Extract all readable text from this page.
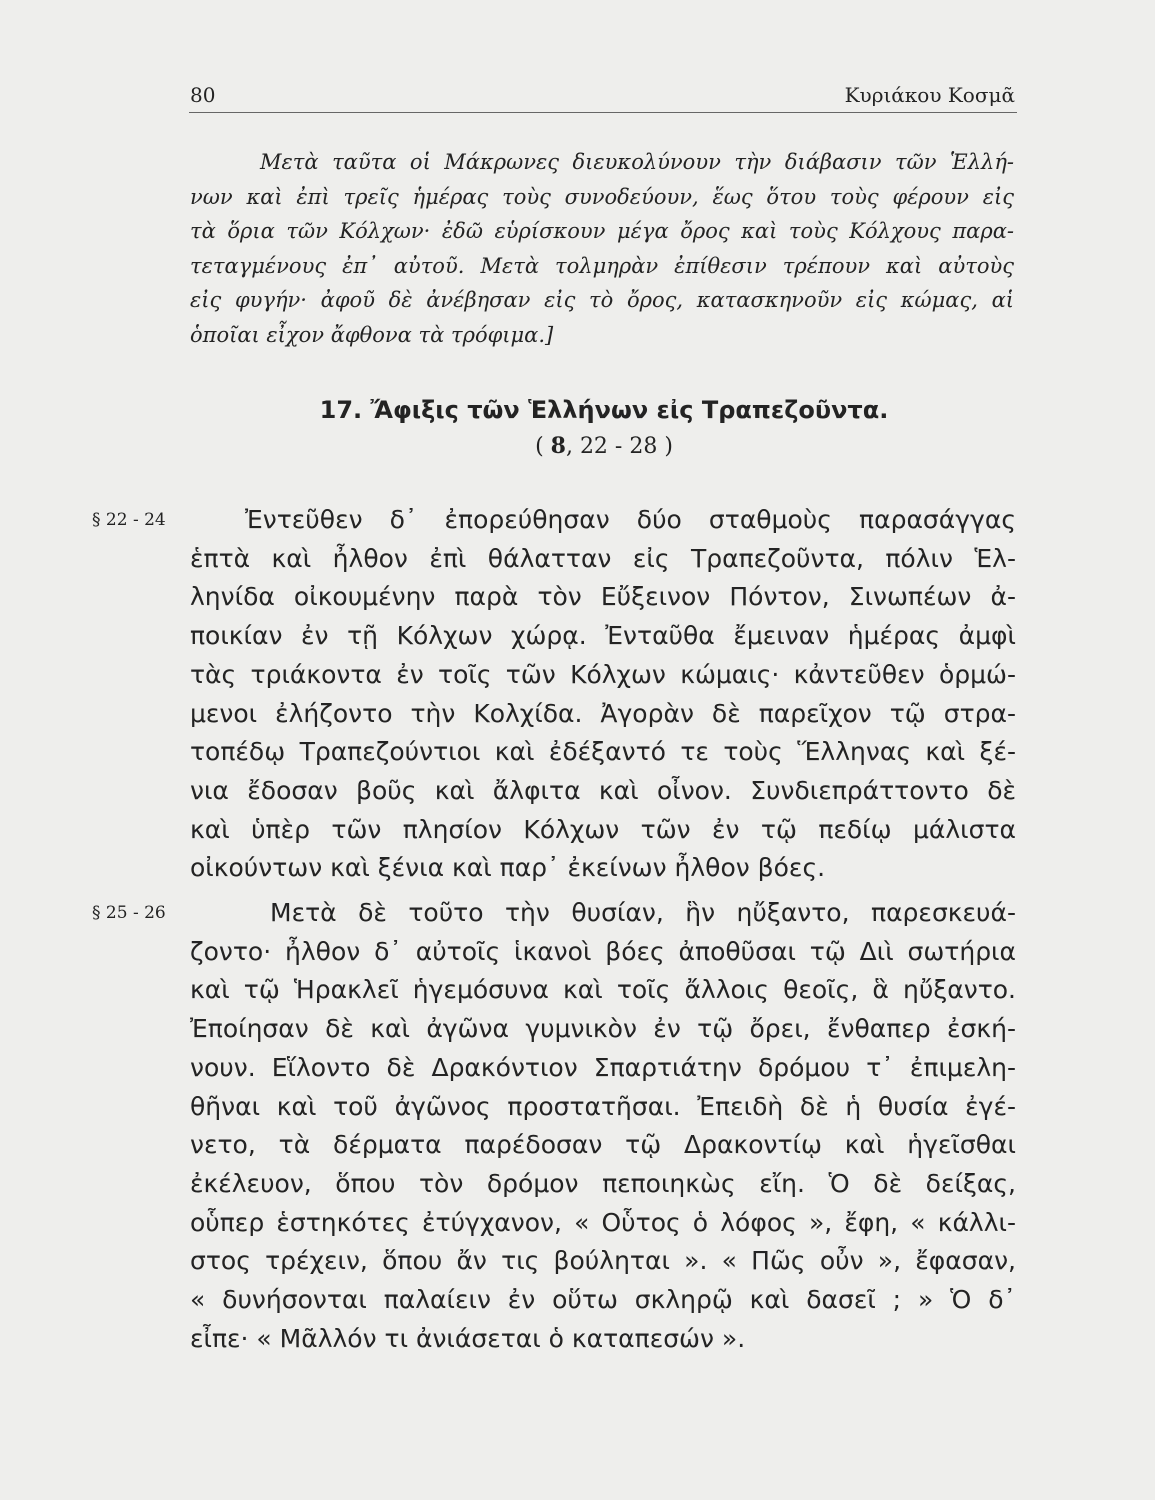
80	Κυριάκου Κοσμᾶ
Μετὰ ταῦτα οἱ Μάκρωνες διευκολύνουν τὴν διάβασιν τῶν Ἑλλή-
νων καὶ ἐπὶ τρεῖς ἡμέρας τοὺς συνοδεύουν, ἕως ὅτου τοὺς φέρουν εἰς
τὰ ὅρια τῶν Κόλχων· ἐδῶ εὑρίσκουν μέγα ὄρος καὶ τοὺς Κόλχους παρα-
τεταγμένους ἐπ᾽ αὐτοῦ. Μετὰ τολμηρὰν ἐπίθεσιν τρέπουν καὶ αὐτοὺς
εἰς φυγήν· ἀφοῦ δὲ ἀνέβησαν εἰς τὸ ὄρος, κατασκηνοῦν εἰς κώμας, αἱ
ὁποῖαι εἶχον ἄφθονα τὰ τρόφιμα.]
17. Ἄφιξις τῶν Ἑλλήνων εἰς Τραπεζοῦντα.
( 8, 22 - 28 )
§ 22 - 24
§ 25 - 26
Ἐντεῦθεν δ᾽ ἐπορεύθησαν δύο σταθμοὺς παρασάγγας
ἑπτὰ καὶ ἦλθον ἐπὶ θάλατταν εἰς Τραπεζοῦντα, πόλιν Ἑλ-
ληνίδα οἰκουμένην παρὰ τὸν Εὔξεινον Πόντον, Σινωπέων ἀ-
ποικίαν ἐν τῇ Κόλχων χώρᾳ. Ἐνταῦθα ἔμειναν ἡμέρας ἀμφὶ
τὰς τριάκοντα ἐν τοῖς τῶν Κόλχων κώμαις· κἀντεῦθεν ὁρμώ-
μενοι ἐλήζοντο τὴν Κολχίδα. Ἀγορὰν δὲ παρεῖχον τῷ στρα-
τοπέδῳ Τραπεζούντιοι καὶ ἐδέξαντό τε τοὺς Ἕλληνας καὶ ξέ-
νια ἔδοσαν βοῦς καὶ ἄλφιτα καὶ οἶνον. Συνδιεπράττοντο δὲ
καὶ ὑπὲρ τῶν πλησίον Κόλχων τῶν ἐν τῷ πεδίῳ μάλιστα
οἰκούντων καὶ ξένια καὶ παρ᾽ ἐκείνων ἦλθον βόες.
Μετὰ δὲ τοῦτο τὴν θυσίαν, ἣν ηὔξαντο, παρεσκευά-
ζοντο· ἦλθον δ᾽ αὐτοῖς ἱκανοὶ βόες ἀποθῦσαι τῷ Διὶ σωτήρια
καὶ τῷ Ἡρακλεῖ ἡγεμόσυνα καὶ τοῖς ἄλλοις θεοῖς, ἃ ηὔξαντο.
Ἐποίησαν δὲ καὶ ἀγῶνα γυμνικὸν ἐν τῷ ὄρει, ἔνθαπερ ἐσκή-
νουν. Εἵλοντο δὲ Δρακόντιον Σπαρτιάτην δρόμου τ᾽ ἐπιμελη-
θῆναι καὶ τοῦ ἀγῶνος προστατῆσαι. Ἐπειδὴ δὲ ἡ θυσία ἐγέ-
νετο, τὰ δέρματα παρέδοσαν τῷ Δρακοντίῳ καὶ ἡγεῖσθαι
ἐκέλευον, ὅπου τὸν δρόμον πεποιηκὼς εἴη. Ὁ δὲ δείξας,
οὗπερ ἑστηκότες ἐτύγχανον, « Οὗτος ὁ λόφος », ἔφη, « κάλλι-
στος τρέχειν, ὅπου ἄν τις βούληται ». « Πῶς οὖν », ἔφασαν,
« δυνήσονται παλαίειν ἐν οὕτω σκληρῷ καὶ δασεῖ ; » Ὁ δ᾽
εἶπε· « Μᾶλλόν τι ἀνιάσεται ὁ καταπεσών ».
